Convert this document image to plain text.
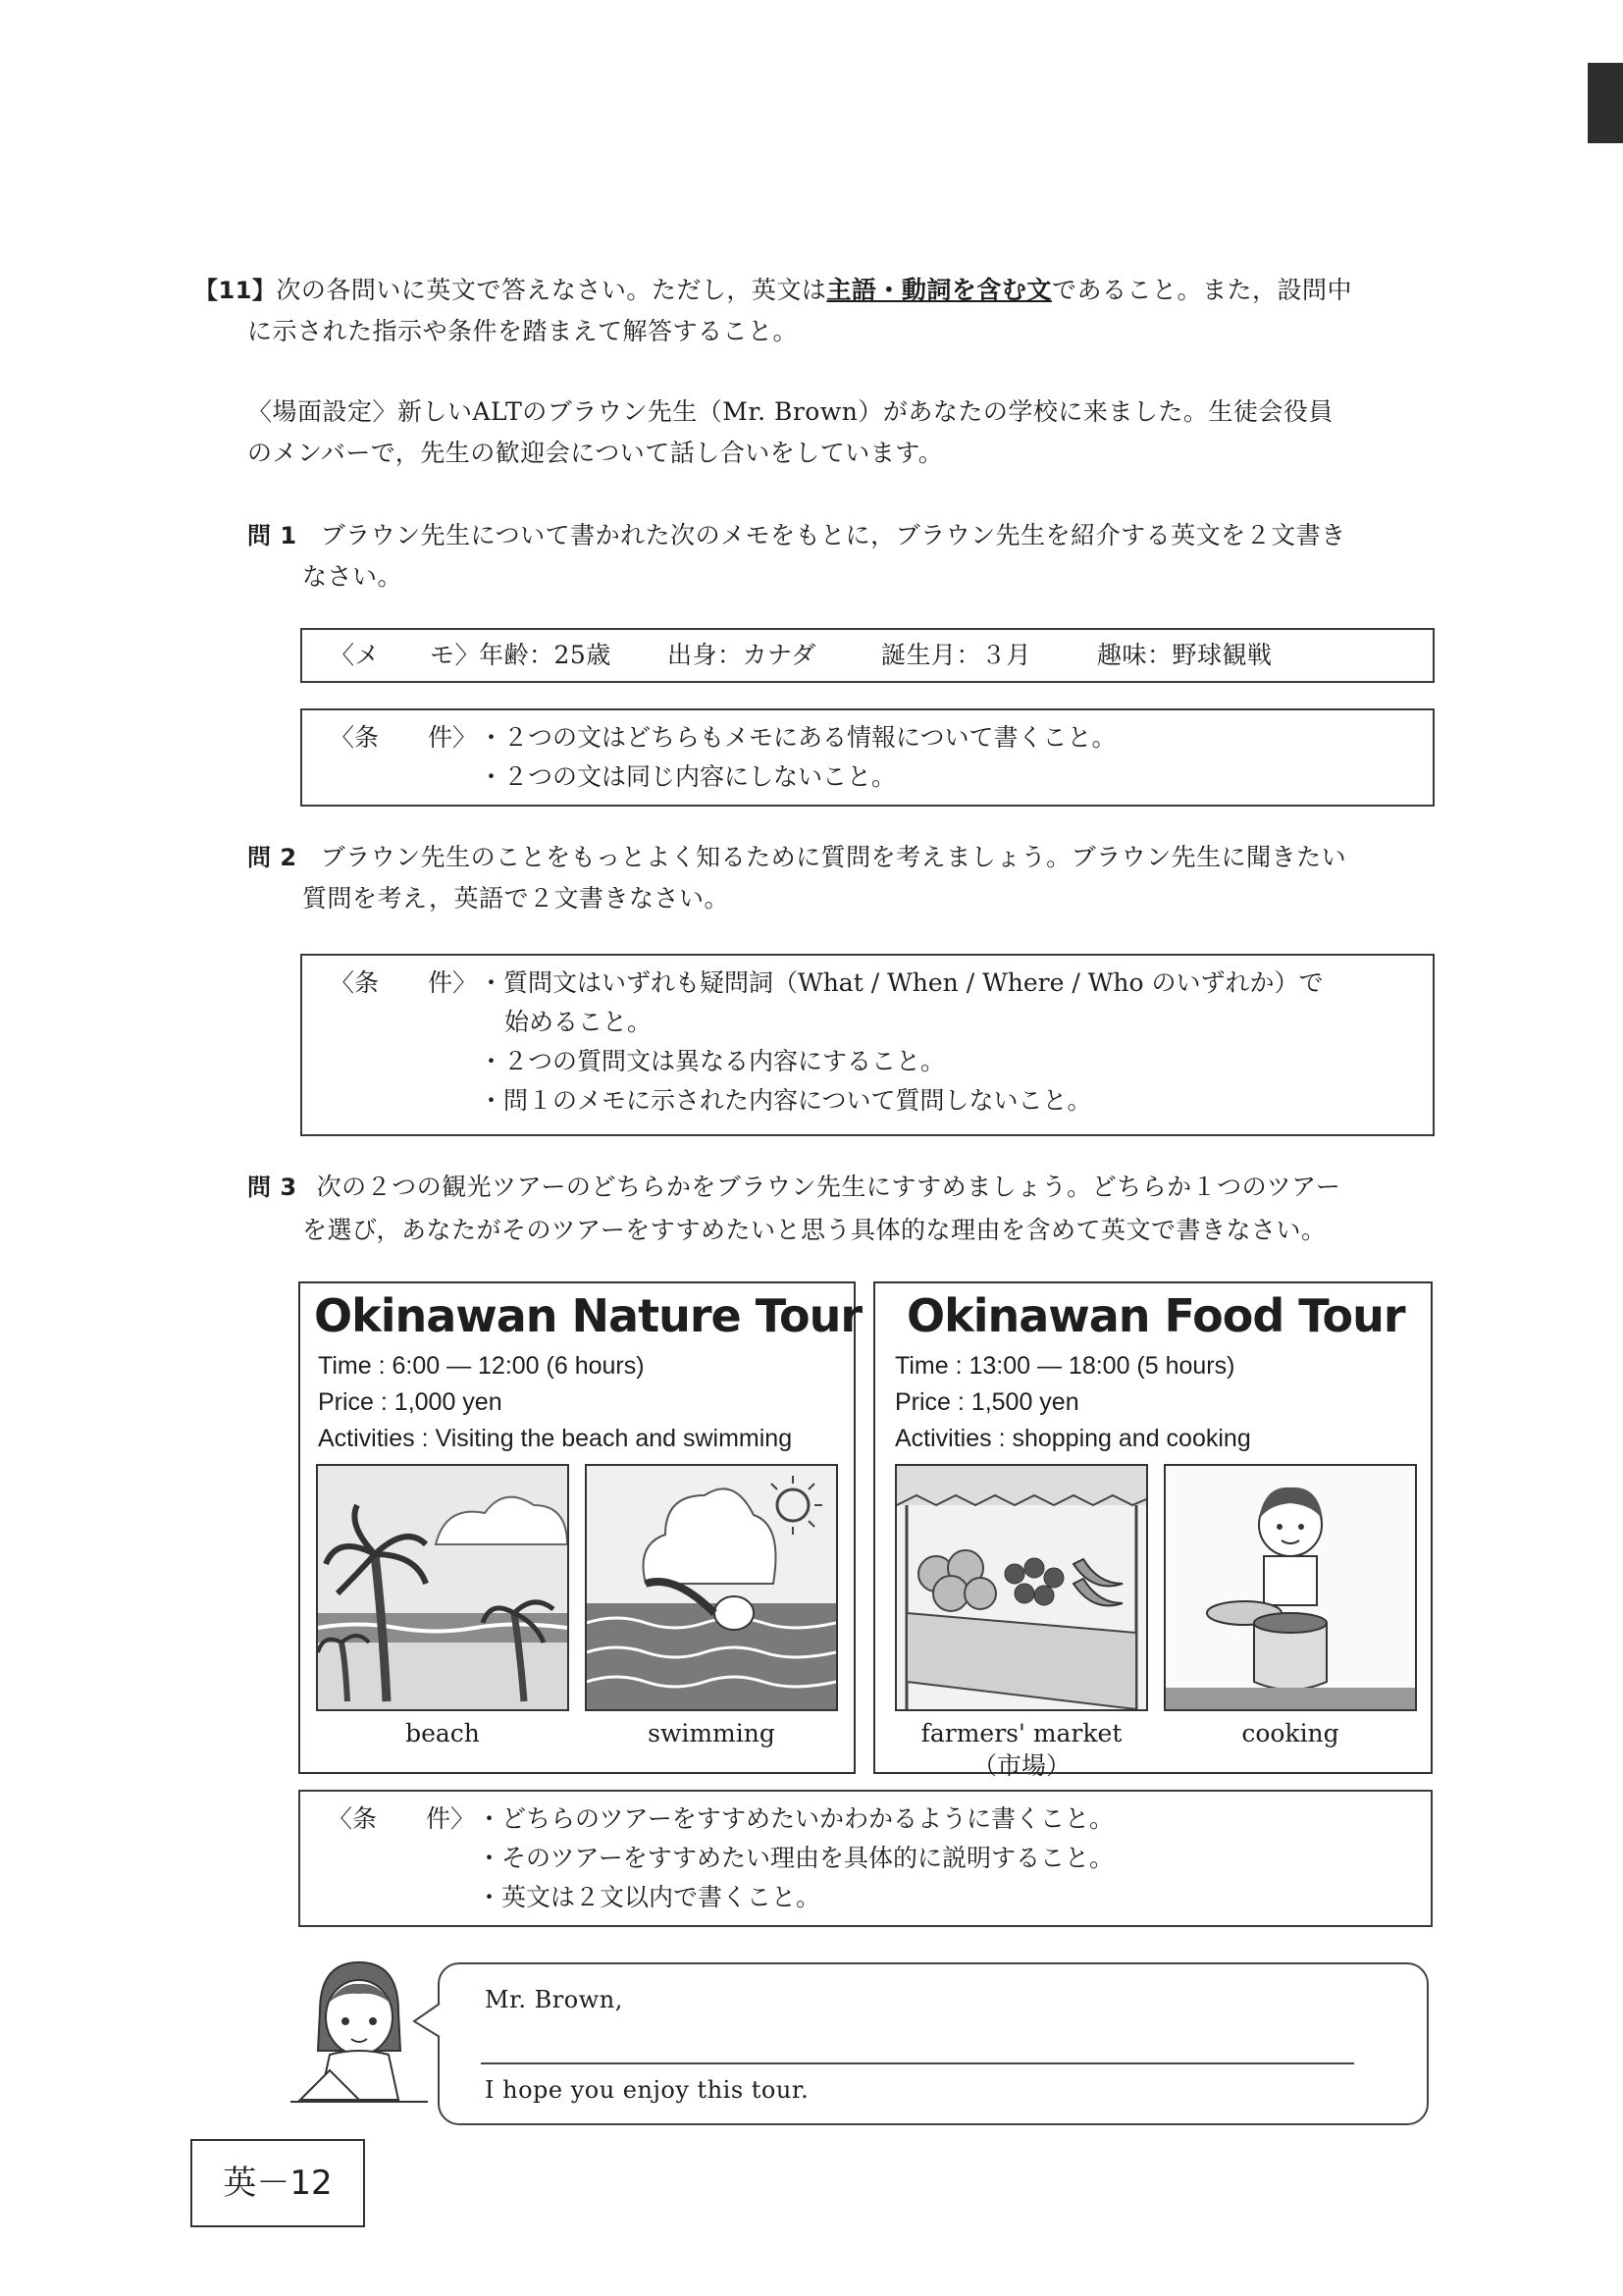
【11】次の各問いに英文で答えなさい。ただし，英文は主語・動詞を含む文であること。また，設問中
に示された指示や条件を踏まえて解答すること。
〈場面設定〉新しいALTのブラウン先生（Mr. Brown）があなたの学校に来ました。生徒会役員
のメンバーで，先生の歓迎会について話し合いをしています。
問 1 ブラウン先生について書かれた次のメモをもとに，ブラウン先生を紹介する英文を２文書き
なさい。
〈メ　　モ〉
年齢：25歳 出身：カナダ	誕生月：３月	趣味：野球観戦
〈条　　件〉 ・２つの文はどちらもメモにある情報について書くこと。
・２つの文は同じ内容にしないこと。
問 2 ブラウン先生のことをもっとよく知るために質問を考えましょう。ブラウン先生に聞きたい
質問を考え，英語で２文書きなさい。
〈条　　件〉 ・質問文はいずれも疑問詞（What / When / Where / Who のいずれか）で
始めること。
・２つの質問文は異なる内容にすること。
・問１のメモに示された内容について質問しないこと。
問 3 次の２つの観光ツアーのどちらかをブラウン先生にすすめましょう。どちらか１つのツアー
を選び，あなたがそのツアーをすすめたいと思う具体的な理由を含めて英文で書きなさい。
Okinawan Nature Tour
Time : 6:00 ― 12:00 (6 hours)
Price : 1,000 yen
Activities : Visiting the beach and swimming
beach	swimming
Okinawan Food Tour
Time : 13:00 ― 18:00 (5 hours)
Price : 1,500 yen
Activities : shopping and cooking
farmers' market
（市場）
cooking
〈条　　件〉 ・どちらのツアーをすすめたいかわかるように書くこと。
・そのツアーをすすめたい理由を具体的に説明すること。
・英文は２文以内で書くこと。
Mr. Brown,
I hope you enjoy this tour.
英－12
